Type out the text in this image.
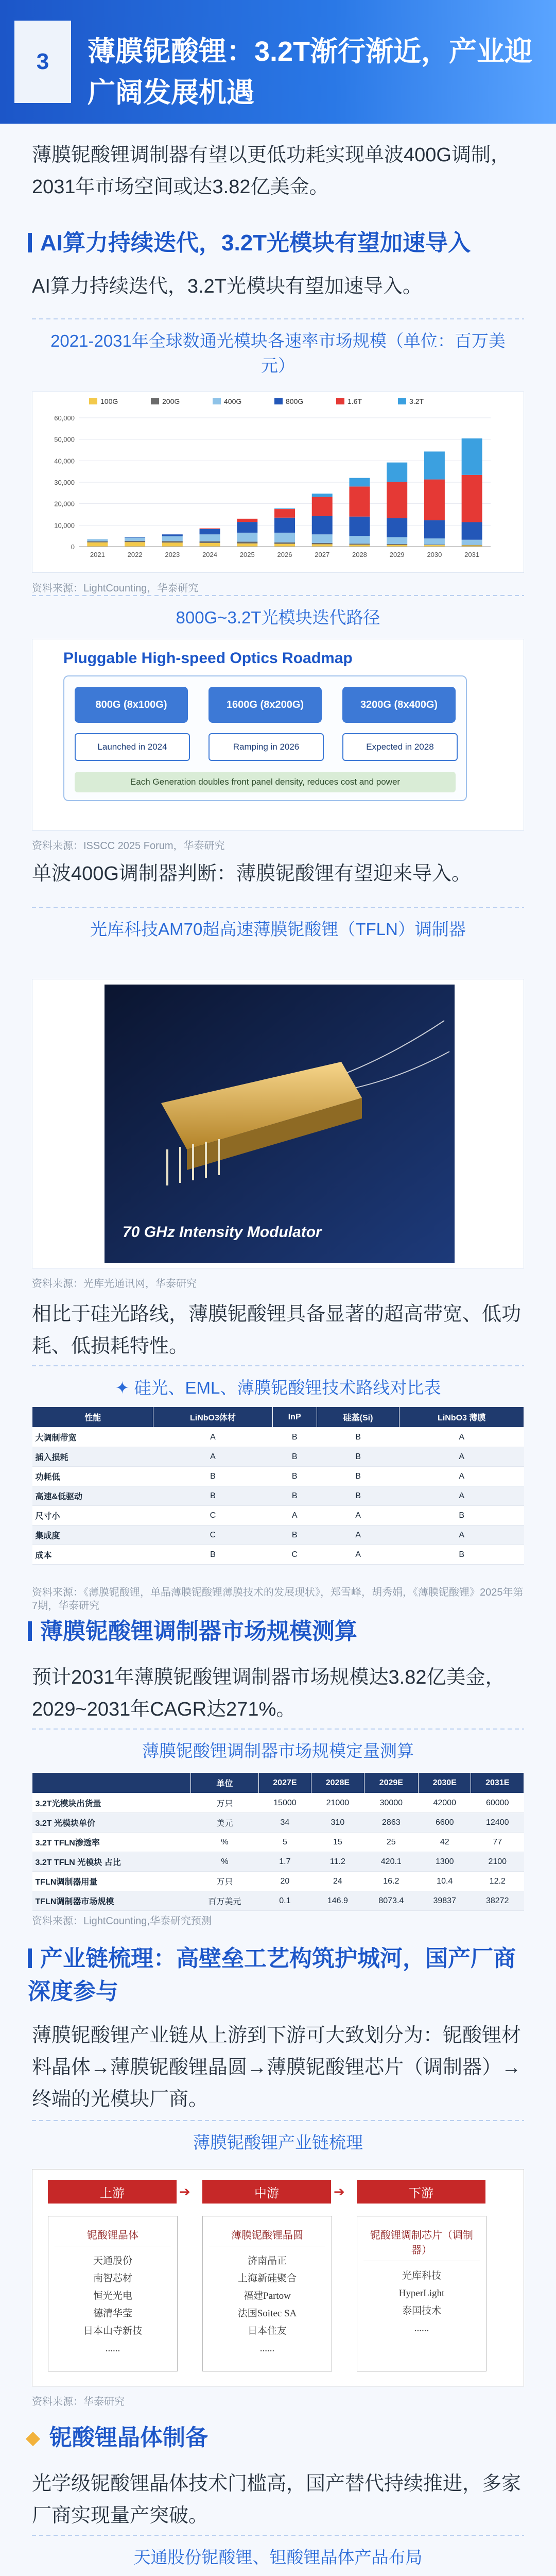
3	薄膜铌酸锂：3.2T渐行渐近，产业迎广阔发展机遇
薄膜铌酸锂调制器有望以更低功耗实现单波400G调制，2031年市场空间或达3.82亿美金。
AI算力持续迭代，3.2T光模块有望加速导入
AI算力持续迭代，3.2T光模块有望加速导入。
2021-2031年全球数通光模块各速率市场规模（单位：百万美元）
100G	200G	400G	800G	1.6T	3.2T
0
10,000
20,000
30,000
40,000
50,000
60,000
2021	2022	2023	2024	2025	2026	2027	2028	2029	2030	2031
资料来源：LightCounting，华泰研究
800G~3.2T光模块迭代路径
Pluggable High-speed Optics Roadmap
800G (8x100G)
Launched in 2024
1600G (8x200G)
Ramping in 2026
3200G (8x400G)
Expected in 2028
Each Generation doubles front panel density, reduces cost and power
资料来源：ISSCC 2025 Forum，华泰研究
单波400G调制器判断：薄膜铌酸锂有望迎来导入。
光库科技AM70超高速薄膜铌酸锂（TFLN）调制器
70 GHz Intensity Modulator
资料来源：光库光通讯网，华泰研究
相比于硅光路线，薄膜铌酸锂具备显著的超高带宽、低功耗、低损耗特性。
✦ 硅光、EML、薄膜铌酸锂技术路线对比表
性能	LiNbO3体材	InP	硅基(Si)	LiNbO3 薄膜
大调制带宽	A	B	B	A
插入损耗	A	B	B	A
功耗低	B	B	B	A
高速&低驱动	B	B	B	A
尺寸小	C	A	A	B
集成度	C	B	A	A
成本	B	C	A	B
资料来源：《薄膜铌酸锂，单晶薄膜铌酸锂薄膜技术的发展现状》，郑雪峰，胡秀娟，《薄膜铌酸锂》2025年第7期，华泰研究
薄膜铌酸锂调制器市场规模测算
预计2031年薄膜铌酸锂调制器市场规模达3.82亿美金，2029~2031年CAGR达271%。
薄膜铌酸锂调制器市场规模定量测算
	单位	2027E	2028E	2029E	2030E	2031E
3.2T光模块出货量	万只	15000	21000	30000	42000	60000
3.2T 光模块单价	美元	34	310	2863	6600	12400
3.2T TFLN渗透率	%	5	15	25	42	77
3.2T TFLN 光模块 占比	%	1.7	11.2	420.1	1300	2100
TFLN调制器用量	万只	20	24	16.2	10.4	12.2
TFLN调制器市场规模	百万美元	0.1	146.9	8073.4	39837	38272
资料来源：LightCounting,华泰研究预测
产业链梳理：高壁垒工艺构筑护城河，国产厂商深度参与
薄膜铌酸锂产业链从上游到下游可大致划分为：铌酸锂材料晶体→薄膜铌酸锂晶圆→薄膜铌酸锂芯片（调制器）→终端的光模块厂商。
薄膜铌酸锂产业链梳理
上游
铌酸锂晶体
天通股份
南智芯材
恒光光电
德清华莹
日本山寺新技
......
➔	中游
薄膜铌酸锂晶圆
济南晶正
上海新硅聚合
福建Partow
法国Soitec SA
日本住友
......
➔	下游
铌酸锂调制芯片（调制器）
光库科技
HyperLight
泰国技术
......
资料来源：华泰研究
铌酸锂晶体制备
光学级铌酸锂晶体技术门槛高，国产替代持续推进，多家厂商实现量产突破。
天通股份铌酸锂、钽酸锂晶体产品布局
